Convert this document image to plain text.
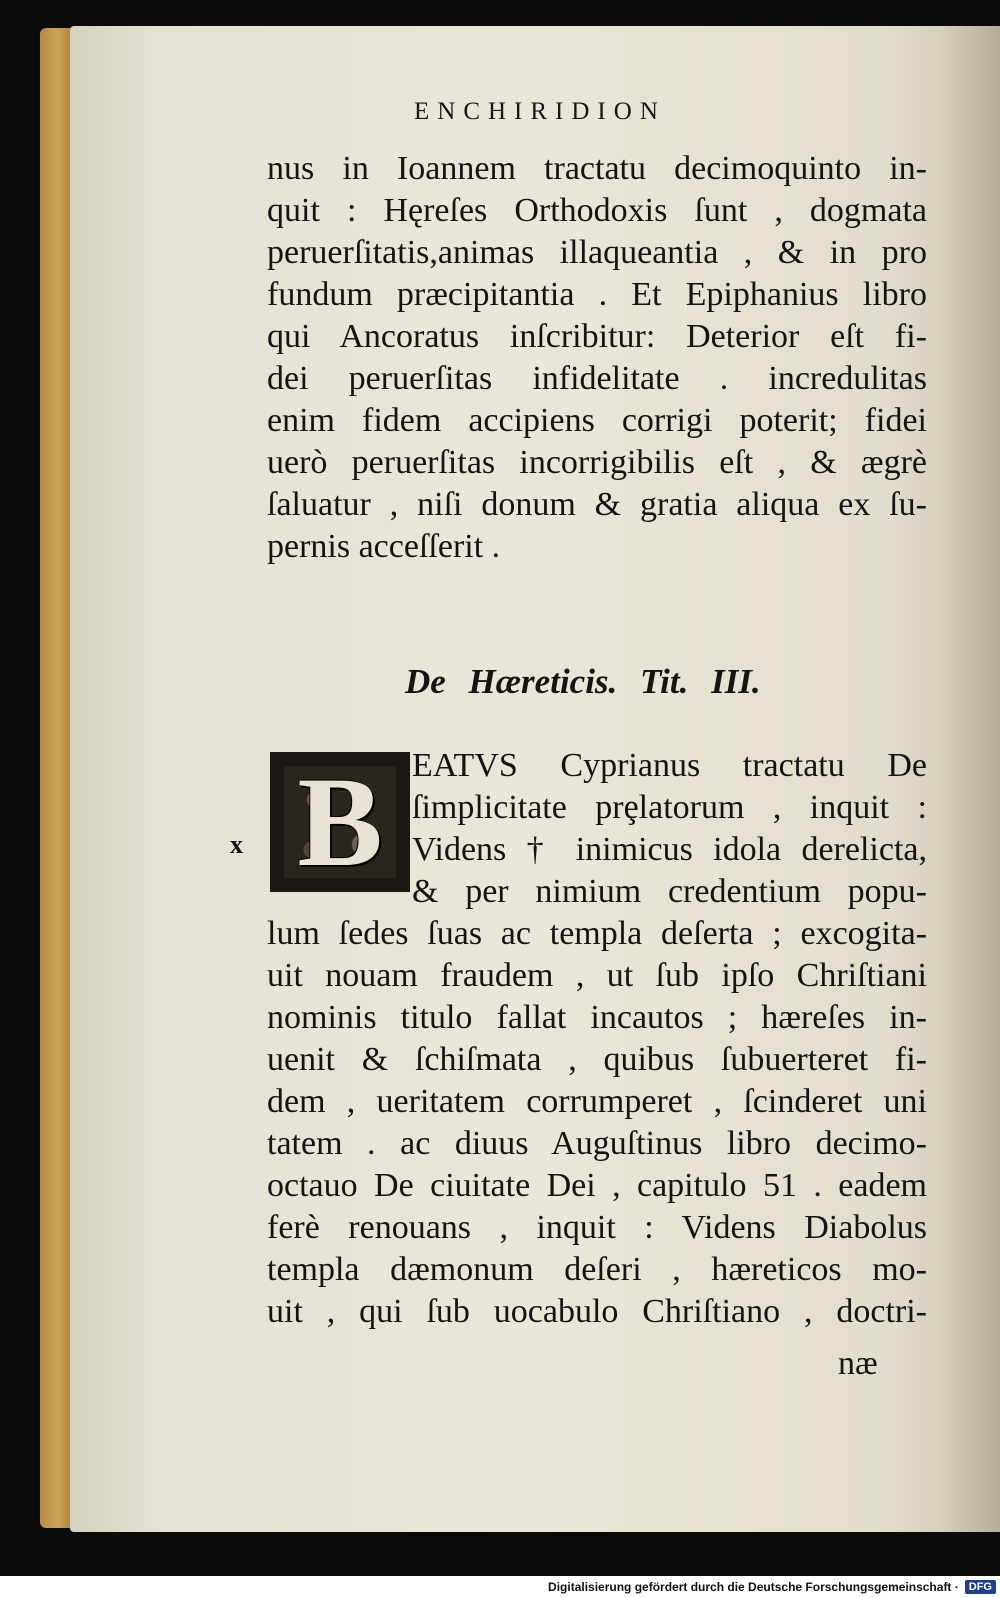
ENCHIRIDION
nus in Ioannem tractatu decimoquinto in-
quit : Hęreſes Orthodoxis ſunt , dogmata
peruerſitatis,animas illaqueantia , & in pro
fundum præcipitantia . Et Epiphanius libro
qui Ancoratus inſcribitur: Deterior eſt fi-
dei peruerſitas infidelitate . incredulitas
enim fidem accipiens corrigi poterit; fidei
uerò peruerſitas incorrigibilis eſt , & ægrè
ſaluatur , niſi donum & gratia aliqua ex ſu-
pernis acceſſerit .
De Hæreticis. Tit. III.
B
x
EATVS Cyprianus tractatu De
ſimplicitate prȩlatorum , inquit :
Videns † inimicus idola derelicta,
& per nimium credentium popu-
lum ſedes ſuas ac templa deſerta ; excogita-
uit nouam fraudem , ut ſub ipſo Chriſtiani
nominis titulo fallat incautos ; hæreſes in-
uenit & ſchiſmata , quibus ſubuerteret fi-
dem , ueritatem corrumperet , ſcinderet uni
tatem . ac diuus Auguſtinus libro decimo-
octauo De ciuitate Dei , capitulo 51 . eadem
ferè renouans , inquit : Videns Diabolus
templa dæmonum deſeri , hæreticos mo-
uit , qui ſub uocabulo Chriſtiano , doctri-
næ
Digitalisierung gefördert durch die Deutsche Forschungsgemeinschaft · DFG
